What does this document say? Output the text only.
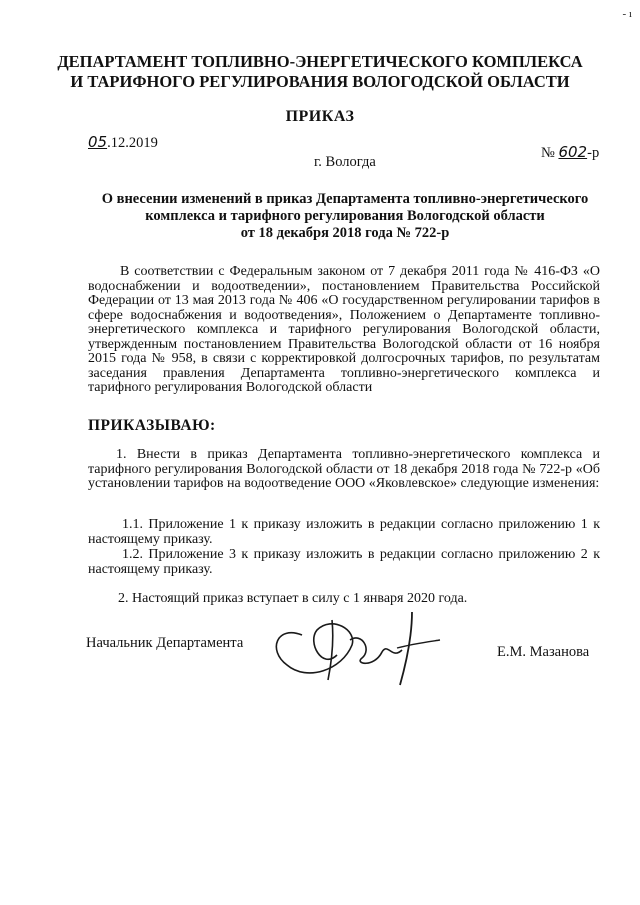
- ı
ДЕПАРТАМЕНТ ТОПЛИВНО-ЭНЕРГЕТИЧЕСКОГО КОМПЛЕКСА
И ТАРИФНОГО РЕГУЛИРОВАНИЯ ВОЛОГОДСКОЙ ОБЛАСТИ
ПРИКАЗ
05.12.2019
№ 602-р
г. Вологда
О внесении изменений в приказ Департамента топливно-энергетического
комплекса и тарифного регулирования Вологодской области
от 18 декабря 2018 года № 722-р
В соответствии с Федеральным законом от 7 декабря 2011 года № 416-ФЗ «О водоснабжении и водоотведении», постановлением Правительства Российской Федерации от 13 мая 2013 года № 406 «О государственном регулировании тарифов в сфере водоснабжения и водоотведения», Положением о Департаменте топливно-энергетического комплекса и тарифного регулирования Вологодской области, утвержденным постановлением Правительства Вологодской области от 16 ноября 2015 года № 958, в связи с корректировкой долгосрочных тарифов, по результатам заседания правления Департамента топливно-энергетического комплекса и тарифного регулирования Вологодской области
ПРИКАЗЫВАЮ:
1. Внести в приказ Департамента топливно-энергетического комплекса и тарифного регулирования Вологодской области от 18 декабря 2018 года № 722-р «Об установлении тарифов на водоотведение ООО «Яковлевское» следующие изменения:
1.1. Приложение 1 к приказу изложить в редакции согласно приложению 1 к настоящему приказу.
1.2. Приложение 3 к приказу изложить в редакции согласно приложению 2 к настоящему приказу.
2. Настоящий приказ вступает в силу с 1 января 2020 года.
Начальник Департамента
Е.М. Мазанова
